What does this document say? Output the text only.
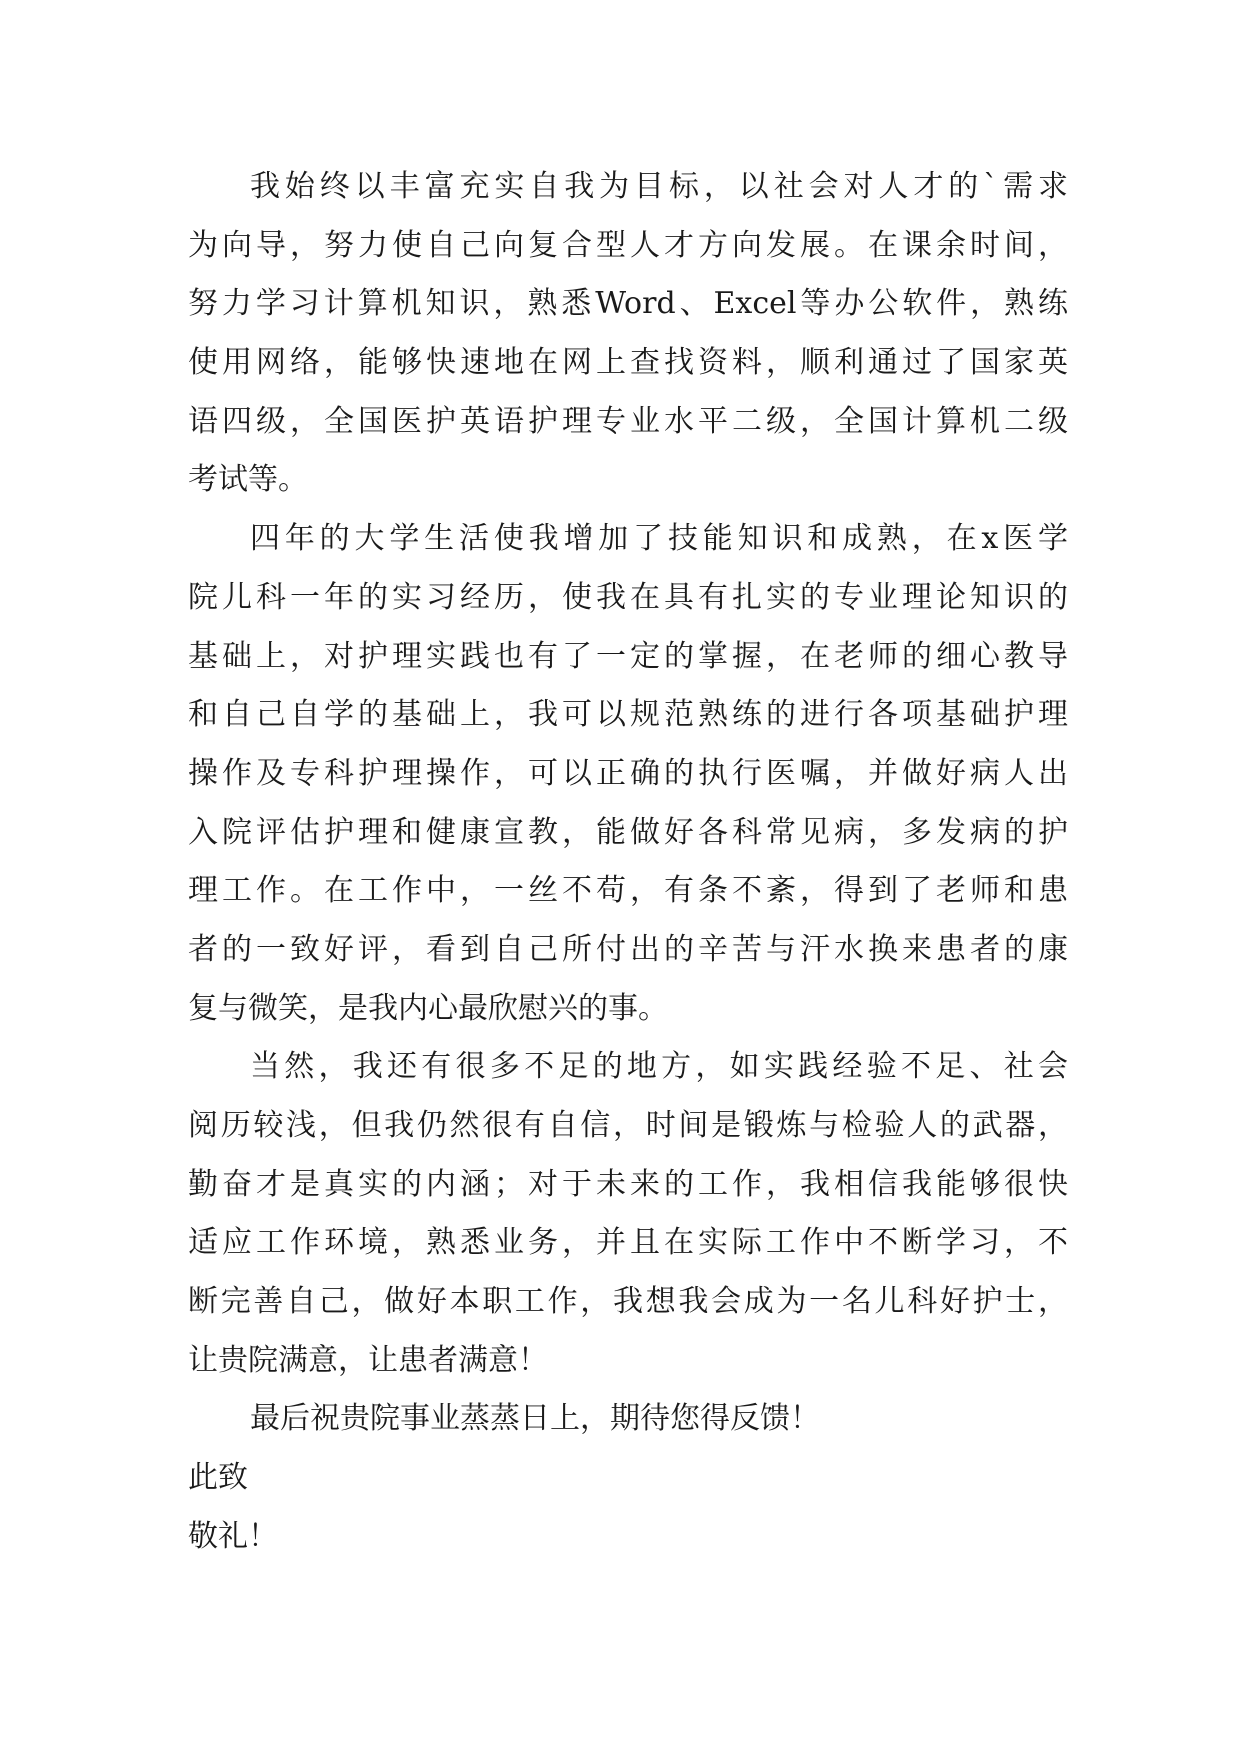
我始终以丰富充实自我为目标，以社会对人才的`需求
为向导，努力使自己向复合型人才方向发展。在课余时间，
努力学习计算机知识，熟悉Word、Excel等办公软件，熟练
使用网络，能够快速地在网上查找资料，顺利通过了国家英
语四级，全国医护英语护理专业水平二级，全国计算机二级
考试等。
四年的大学生活使我增加了技能知识和成熟，在x医学
院儿科一年的实习经历，使我在具有扎实的专业理论知识的
基础上，对护理实践也有了一定的掌握，在老师的细心教导
和自己自学的基础上，我可以规范熟练的进行各项基础护理
操作及专科护理操作，可以正确的执行医嘱，并做好病人出
入院评估护理和健康宣教，能做好各科常见病，多发病的护
理工作。在工作中，一丝不苟，有条不紊，得到了老师和患
者的一致好评，看到自己所付出的辛苦与汗水换来患者的康
复与微笑，是我内心最欣慰兴的事。
当然，我还有很多不足的地方，如实践经验不足、社会
阅历较浅，但我仍然很有自信，时间是锻炼与检验人的武器，
勤奋才是真实的内涵；对于未来的工作，我相信我能够很快
适应工作环境，熟悉业务，并且在实际工作中不断学习，不
断完善自己，做好本职工作，我想我会成为一名儿科好护士，
让贵院满意，让患者满意！
最后祝贵院事业蒸蒸日上，期待您得反馈！
此致
敬礼！
